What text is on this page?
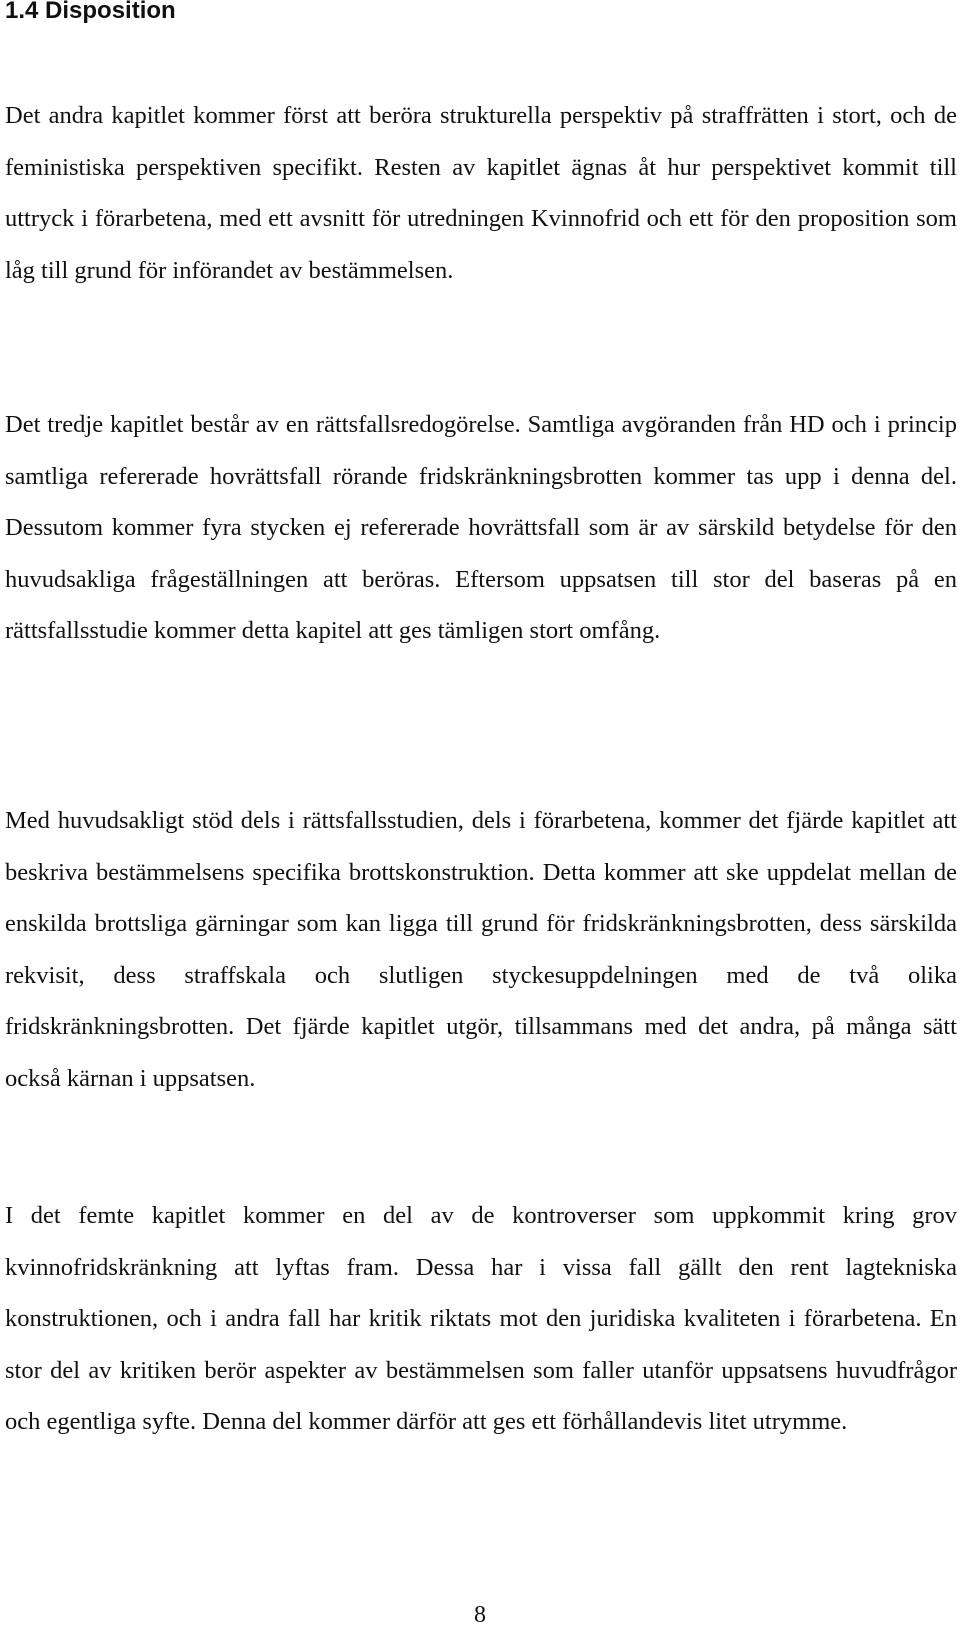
1.4 Disposition

Det andra kapitlet kommer först att beröra strukturella perspektiv på straffrätten i stort, och de feministiska perspektiven specifikt. Resten av kapitlet ägnas åt hur perspektivet kommit till uttryck i förarbetena, med ett avsnitt för utredningen Kvinnofrid och ett för den proposition som låg till grund för införandet av bestämmelsen.

Det tredje kapitlet består av en rättsfallsredogörelse. Samtliga avgöranden från HD och i princip samtliga refererade hovrättsfall rörande fridskränkningsbrotten kommer tas upp i denna del. Dessutom kommer fyra stycken ej refererade hovrättsfall som är av särskild betydelse för den huvudsakliga frågeställningen att beröras. Eftersom uppsatsen till stor del baseras på en rättsfallsstudie kommer detta kapitel att ges tämligen stort omfång.

Med huvudsakligt stöd dels i rättsfallsstudien, dels i förarbetena, kommer det fjärde kapitlet att beskriva bestämmelsens specifika brottskonstruktion. Detta kommer att ske uppdelat mellan de enskilda brottsliga gärningar som kan ligga till grund för fridskränkningsbrotten, dess särskilda rekvisit, dess straffskala och slutligen styckesuppdelningen med de två olika fridskränkningsbrotten. Det fjärde kapitlet utgör, tillsammans med det andra, på många sätt också kärnan i uppsatsen.

I det femte kapitlet kommer en del av de kontroverser som uppkommit kring grov kvinnofridskränkning att lyftas fram. Dessa har i vissa fall gällt den rent lagtekniska konstruktionen, och i andra fall har kritik riktats mot den juridiska kvaliteten i förarbetena. En stor del av kritiken berör aspekter av bestämmelsen som faller utanför uppsatsens huvudfrågor och egentliga syfte. Denna del kommer därför att ges ett förhållandevis litet utrymme.

8
